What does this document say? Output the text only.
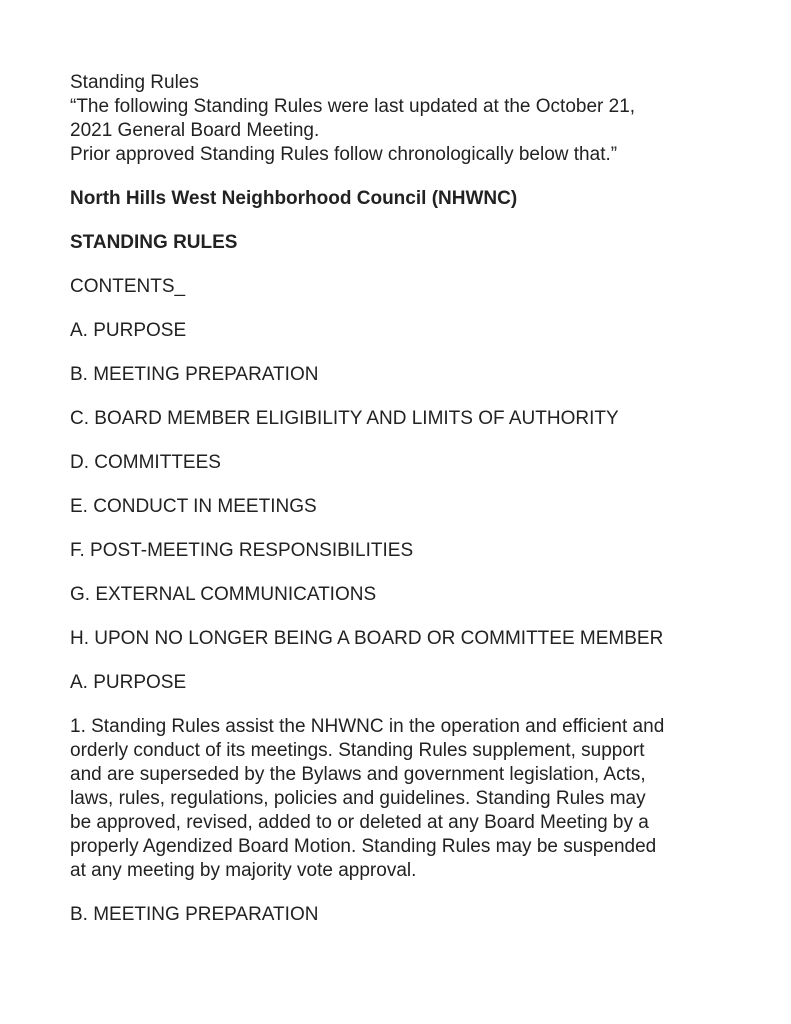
Standing Rules
“The following Standing Rules were last updated at the October 21,
2021 General Board Meeting.
Prior approved Standing Rules follow chronologically below that.”
North Hills West Neighborhood Council (NHWNC)
STANDING RULES
CONTENTS_
A. PURPOSE
B. MEETING PREPARATION
C. BOARD MEMBER ELIGIBILITY AND LIMITS OF AUTHORITY
D. COMMITTEES
E. CONDUCT IN MEETINGS
F. POST-MEETING RESPONSIBILITIES
G. EXTERNAL COMMUNICATIONS
H. UPON NO LONGER BEING A BOARD OR COMMITTEE MEMBER
A. PURPOSE
1. Standing Rules assist the NHWNC in the operation and efficient and
orderly conduct of its meetings. Standing Rules supplement, support
and are superseded by the Bylaws and government legislation, Acts,
laws, rules, regulations, policies and guidelines. Standing Rules may
be approved, revised, added to or deleted at any Board Meeting by a
properly Agendized Board Motion. Standing Rules may be suspended
at any meeting by majority vote approval.
B. MEETING PREPARATION
